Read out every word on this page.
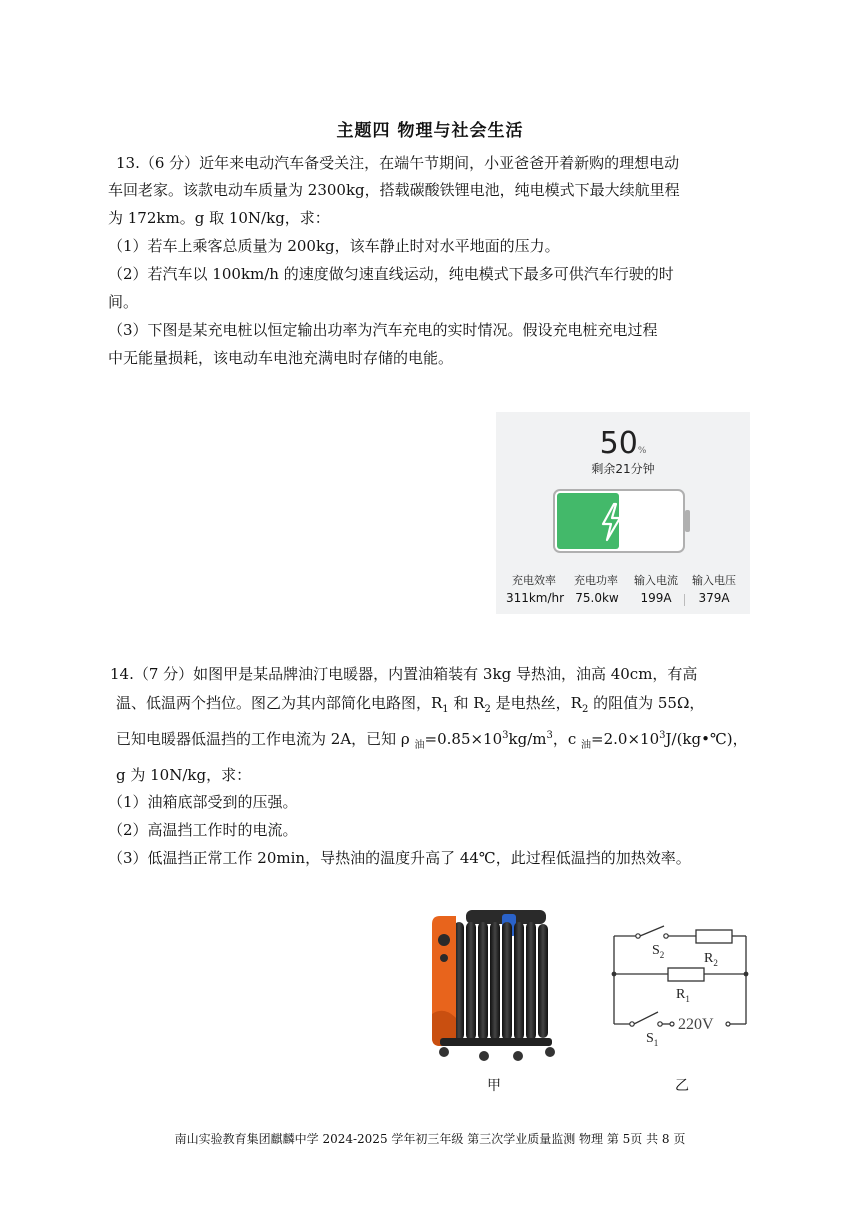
主题四 物理与社会生活
13.（6 分）近年来电动汽车备受关注，在端午节期间，小亚爸爸开着新购的理想电动
车回老家。该款电动车质量为 2300kg，搭载碳酸铁锂电池，纯电模式下最大续航里程
为 172km。g 取 10N/kg，求：
（1）若车上乘客总质量为 200kg，该车静止时对水平地面的压力。
（2）若汽车以 100km/h 的速度做匀速直线运动，纯电模式下最多可供汽车行驶的时
间。
（3）下图是某充电桩以恒定输出功率为汽车充电的实时情况。假设充电桩充电过程
中无能量损耗，该电动车电池充满电时存储的电能。
50%
剩余21分钟
充电效率	充电功率	输入电流	输入电压
311km/hr 75.0kw	199A	379A
14.（7 分）如图甲是某品牌油汀电暖器，内置油箱装有 3kg 导热油，油高 40cm，有高
温、低温两个挡位。图乙为其内部简化电路图，$R_1$ 和 $R_2$ 是电热丝，$R_2$ 的阻值为 55Ω，
已知电暖器低温挡的工作电流为 2A，已知 ρ $_油=0.85\times 10^3kg/m^3$，c $_油=2.0\times 10^3J/(kg•℃)$，
g 为 10N/kg，求：
（1）油箱底部受到的压强。
（2）高温挡工作时的电流。
（3）低温挡正常工作 20min，导热油的温度升高了 44℃，此过程低温挡的加热效率。
甲
$S_2$	$R_2$
$R_1$
$S_1$
220V
乙
南山实验教育集团麒麟中学 2024-2025 学年初三年级 第三次学业质量监测 物理 第 5页 共 8 页
